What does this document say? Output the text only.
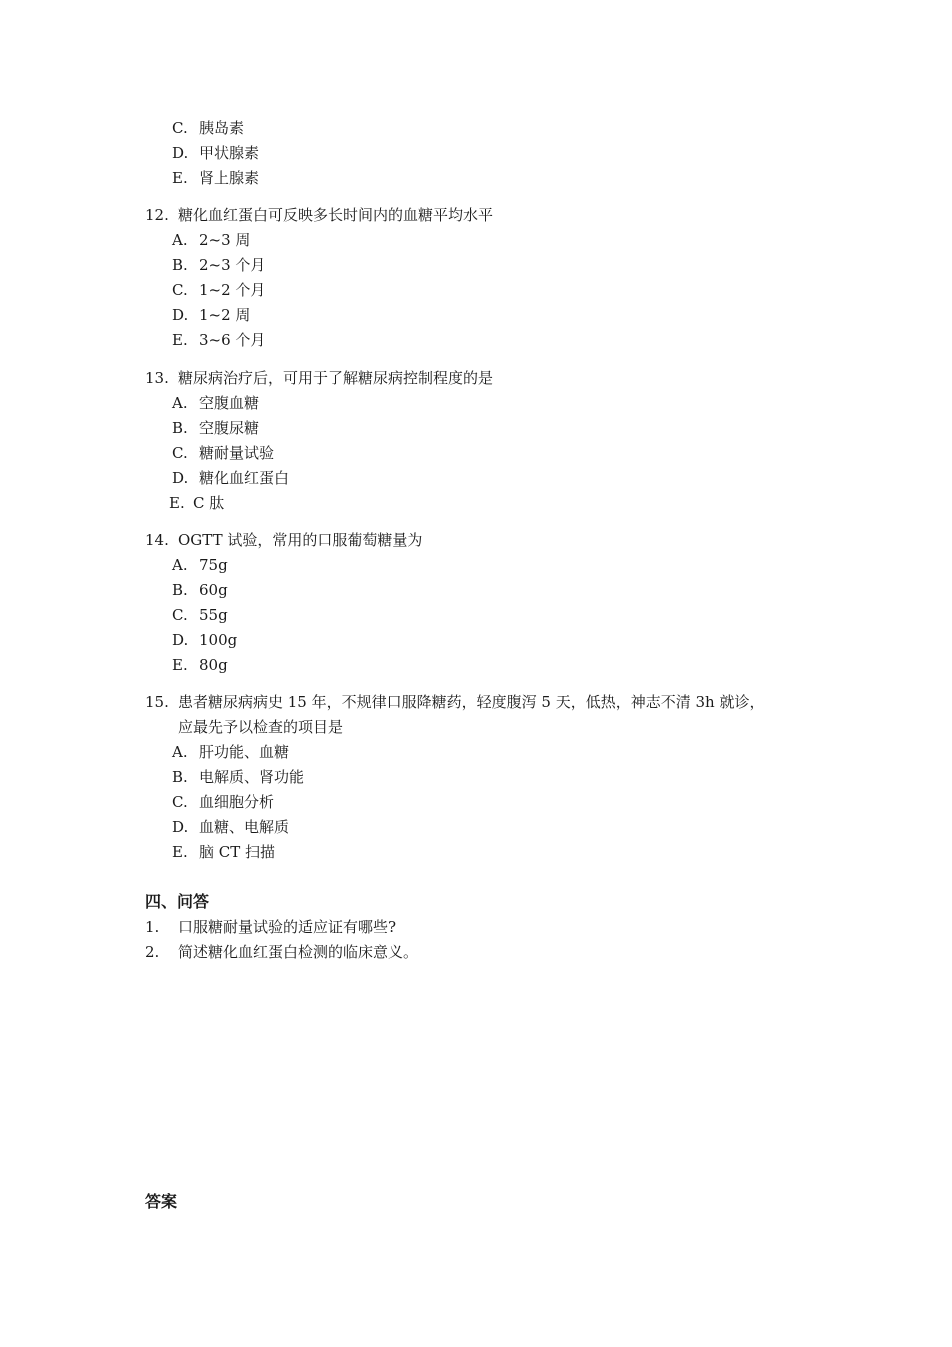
C. 胰岛素
D. 甲状腺素
E. 肾上腺素
12. 糖化血红蛋白可反映多长时间内的血糖平均水平
A. 2~3 周
B. 2~3 个月
C. 1~2 个月
D. 1~2 周
E. 3~6 个月
13. 糖尿病治疗后，可用于了解糖尿病控制程度的是
A. 空腹血糖
B. 空腹尿糖
C. 糖耐量试验
D. 糖化血红蛋白
E. C 肽
14. OGTT 试验，常用的口服葡萄糖量为
A. 75g
B. 60g
C. 55g
D. 100g
E. 80g
15. 患者糖尿病病史 15 年，不规律口服降糖药，轻度腹泻 5 天，低热，神志不清 3h 就诊，
应最先予以检查的项目是
A. 肝功能、血糖
B. 电解质、肾功能
C. 血细胞分析
D. 血糖、电解质
E. 脑 CT 扫描
四、问答
1. 口服糖耐量试验的适应证有哪些?
2. 简述糖化血红蛋白检测的临床意义。
答案
